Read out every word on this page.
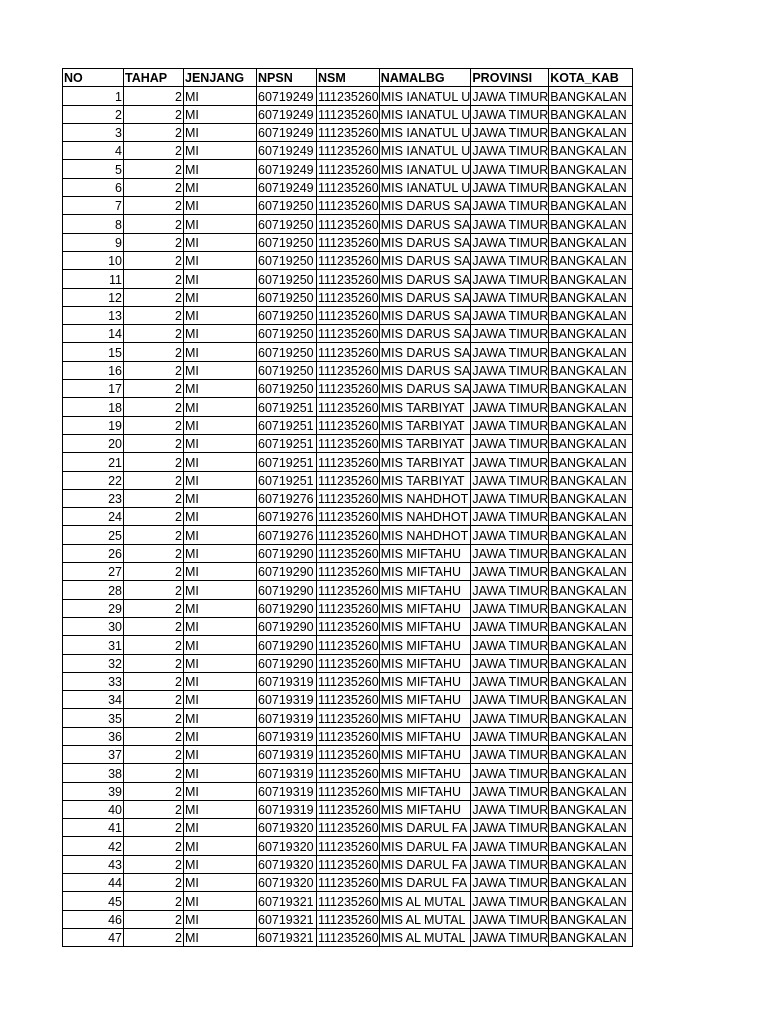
NO	TAHAP	JENJANG	NPSN	NSM	NAMALBG	PROVINSI	KOTA_KAB
1	2	MI	60719249	111235260	MIS IANATUL U	JAWA TIMUR	BANGKALAN
2	2	MI	60719249	111235260	MIS IANATUL U	JAWA TIMUR	BANGKALAN
3	2	MI	60719249	111235260	MIS IANATUL U	JAWA TIMUR	BANGKALAN
4	2	MI	60719249	111235260	MIS IANATUL U	JAWA TIMUR	BANGKALAN
5	2	MI	60719249	111235260	MIS IANATUL U	JAWA TIMUR	BANGKALAN
6	2	MI	60719249	111235260	MIS IANATUL U	JAWA TIMUR	BANGKALAN
7	2	MI	60719250	111235260	MIS DARUS SA	JAWA TIMUR	BANGKALAN
8	2	MI	60719250	111235260	MIS DARUS SA	JAWA TIMUR	BANGKALAN
9	2	MI	60719250	111235260	MIS DARUS SA	JAWA TIMUR	BANGKALAN
10	2	MI	60719250	111235260	MIS DARUS SA	JAWA TIMUR	BANGKALAN
11	2	MI	60719250	111235260	MIS DARUS SA	JAWA TIMUR	BANGKALAN
12	2	MI	60719250	111235260	MIS DARUS SA	JAWA TIMUR	BANGKALAN
13	2	MI	60719250	111235260	MIS DARUS SA	JAWA TIMUR	BANGKALAN
14	2	MI	60719250	111235260	MIS DARUS SA	JAWA TIMUR	BANGKALAN
15	2	MI	60719250	111235260	MIS DARUS SA	JAWA TIMUR	BANGKALAN
16	2	MI	60719250	111235260	MIS DARUS SA	JAWA TIMUR	BANGKALAN
17	2	MI	60719250	111235260	MIS DARUS SA	JAWA TIMUR	BANGKALAN
18	2	MI	60719251	111235260	MIS TARBIYAT	JAWA TIMUR	BANGKALAN
19	2	MI	60719251	111235260	MIS TARBIYAT	JAWA TIMUR	BANGKALAN
20	2	MI	60719251	111235260	MIS TARBIYAT	JAWA TIMUR	BANGKALAN
21	2	MI	60719251	111235260	MIS TARBIYAT	JAWA TIMUR	BANGKALAN
22	2	MI	60719251	111235260	MIS TARBIYAT	JAWA TIMUR	BANGKALAN
23	2	MI	60719276	111235260	MIS NAHDHOT	JAWA TIMUR	BANGKALAN
24	2	MI	60719276	111235260	MIS NAHDHOT	JAWA TIMUR	BANGKALAN
25	2	MI	60719276	111235260	MIS NAHDHOT	JAWA TIMUR	BANGKALAN
26	2	MI	60719290	111235260	MIS MIFTAHU	JAWA TIMUR	BANGKALAN
27	2	MI	60719290	111235260	MIS MIFTAHU	JAWA TIMUR	BANGKALAN
28	2	MI	60719290	111235260	MIS MIFTAHU	JAWA TIMUR	BANGKALAN
29	2	MI	60719290	111235260	MIS MIFTAHU	JAWA TIMUR	BANGKALAN
30	2	MI	60719290	111235260	MIS MIFTAHU	JAWA TIMUR	BANGKALAN
31	2	MI	60719290	111235260	MIS MIFTAHU	JAWA TIMUR	BANGKALAN
32	2	MI	60719290	111235260	MIS MIFTAHU	JAWA TIMUR	BANGKALAN
33	2	MI	60719319	111235260	MIS MIFTAHU	JAWA TIMUR	BANGKALAN
34	2	MI	60719319	111235260	MIS MIFTAHU	JAWA TIMUR	BANGKALAN
35	2	MI	60719319	111235260	MIS MIFTAHU	JAWA TIMUR	BANGKALAN
36	2	MI	60719319	111235260	MIS MIFTAHU	JAWA TIMUR	BANGKALAN
37	2	MI	60719319	111235260	MIS MIFTAHU	JAWA TIMUR	BANGKALAN
38	2	MI	60719319	111235260	MIS MIFTAHU	JAWA TIMUR	BANGKALAN
39	2	MI	60719319	111235260	MIS MIFTAHU	JAWA TIMUR	BANGKALAN
40	2	MI	60719319	111235260	MIS MIFTAHU	JAWA TIMUR	BANGKALAN
41	2	MI	60719320	111235260	MIS DARUL FA	JAWA TIMUR	BANGKALAN
42	2	MI	60719320	111235260	MIS DARUL FA	JAWA TIMUR	BANGKALAN
43	2	MI	60719320	111235260	MIS DARUL FA	JAWA TIMUR	BANGKALAN
44	2	MI	60719320	111235260	MIS DARUL FA	JAWA TIMUR	BANGKALAN
45	2	MI	60719321	111235260	MIS AL MUTAL	JAWA TIMUR	BANGKALAN
46	2	MI	60719321	111235260	MIS AL MUTAL	JAWA TIMUR	BANGKALAN
47	2	MI	60719321	111235260	MIS AL MUTAL	JAWA TIMUR	BANGKALAN
